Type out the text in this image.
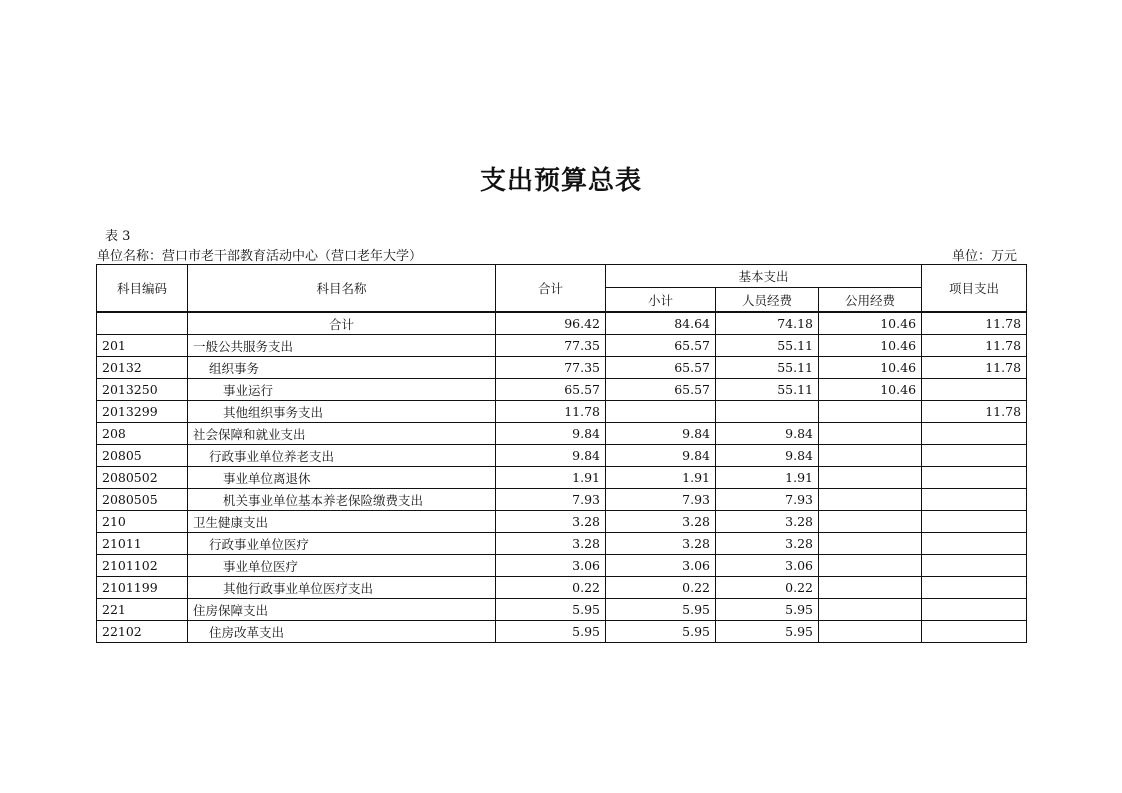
支出预算总表
表 3
单位名称：营口市老干部教育活动中心（营口老年大学）	单位：万元
科目编码	科目名称	合计	基本支出			项目支出
			小计	人员经费	公用经费	
	合计	96.42	84.64	74.18	10.46	11.78
201	一般公共服务支出	77.35	65.57	55.11	10.46	11.78
20132	组织事务	77.35	65.57	55.11	10.46	11.78
2013250	事业运行	65.57	65.57	55.11	10.46	
2013299	其他组织事务支出	11.78				11.78
208	社会保障和就业支出	9.84	9.84	9.84		
20805	行政事业单位养老支出	9.84	9.84	9.84		
2080502	事业单位离退休	1.91	1.91	1.91		
2080505	机关事业单位基本养老保险缴费支出	7.93	7.93	7.93		
210	卫生健康支出	3.28	3.28	3.28		
21011	行政事业单位医疗	3.28	3.28	3.28		
2101102	事业单位医疗	3.06	3.06	3.06		
2101199	其他行政事业单位医疗支出	0.22	0.22	0.22		
221	住房保障支出	5.95	5.95	5.95		
22102	住房改革支出	5.95	5.95	5.95		
